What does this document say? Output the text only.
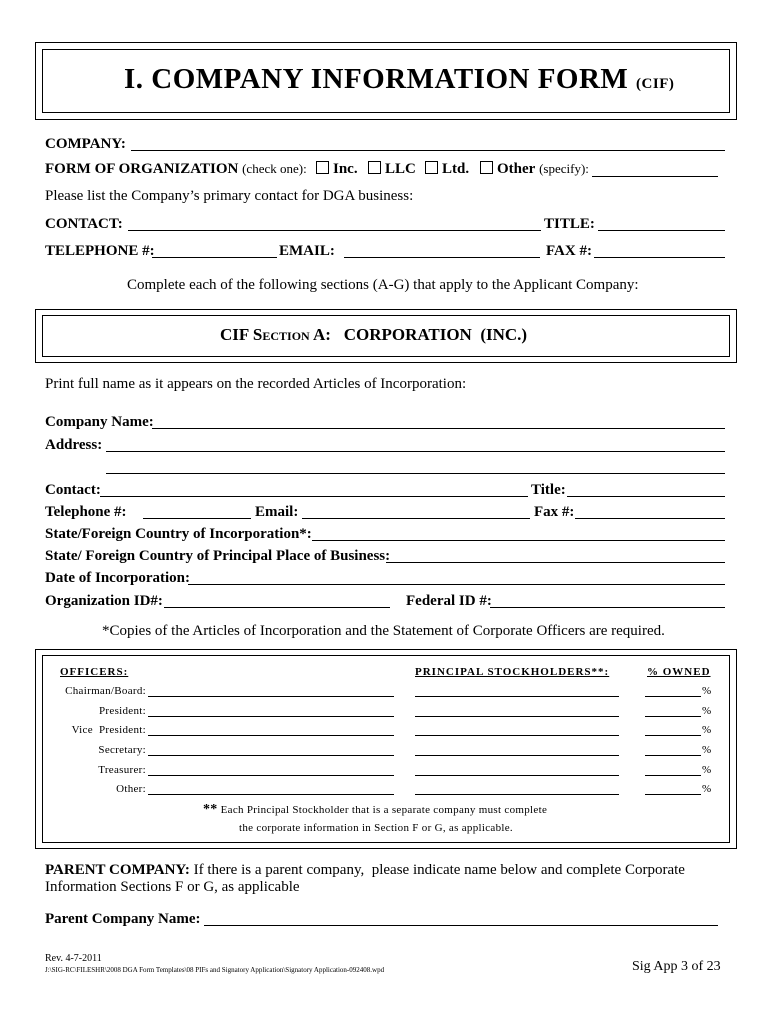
I. COMPANY INFORMATION FORM (CIF)
COMPANY:
FORM OF ORGANIZATION (check one):	Inc.	LLC	Ltd.	Other (specify):
Please list the Company’s primary contact for DGA business:
CONTACT:	TITLE:
TELEPHONE #:	EMAIL:	FAX #:
Complete each of the following sections (A-G) that apply to the Applicant Company:
CIF SECTION A:   CORPORATION  (INC.)
Print full name as it appears on the recorded Articles of Incorporation:
Company Name:
Address:
Contact:	Title:
Telephone #:	Email:	Fax #:
State/Foreign Country of Incorporation*:
State/ Foreign Country of Principal Place of Business:
Date of Incorporation:
Organization ID#:	Federal ID #:
*Copies of the Articles of Incorporation and the Statement of Corporate Officers are required.
OFFICERS:	PRINCIPAL STOCKHOLDERS**:	% OWNED
Chairman/Board:	%
President:	%
Vice  President:	%
Secretary:	%
Treasurer:	%
Other:	%
** Each Principal Stockholder that is a separate company must complete
the corporate information in Section F or G, as applicable.
PARENT COMPANY: If there is a parent company,  please indicate name below and complete Corporate
Information Sections F or G, as applicable
Parent Company Name:
Rev. 4-7-2011
J:\SIG-RC\FILESHR\2008 DGA Form Templates\08 PIFs and Signatory Application\Signatory Application-092408.wpd	Sig App 3 of 23
